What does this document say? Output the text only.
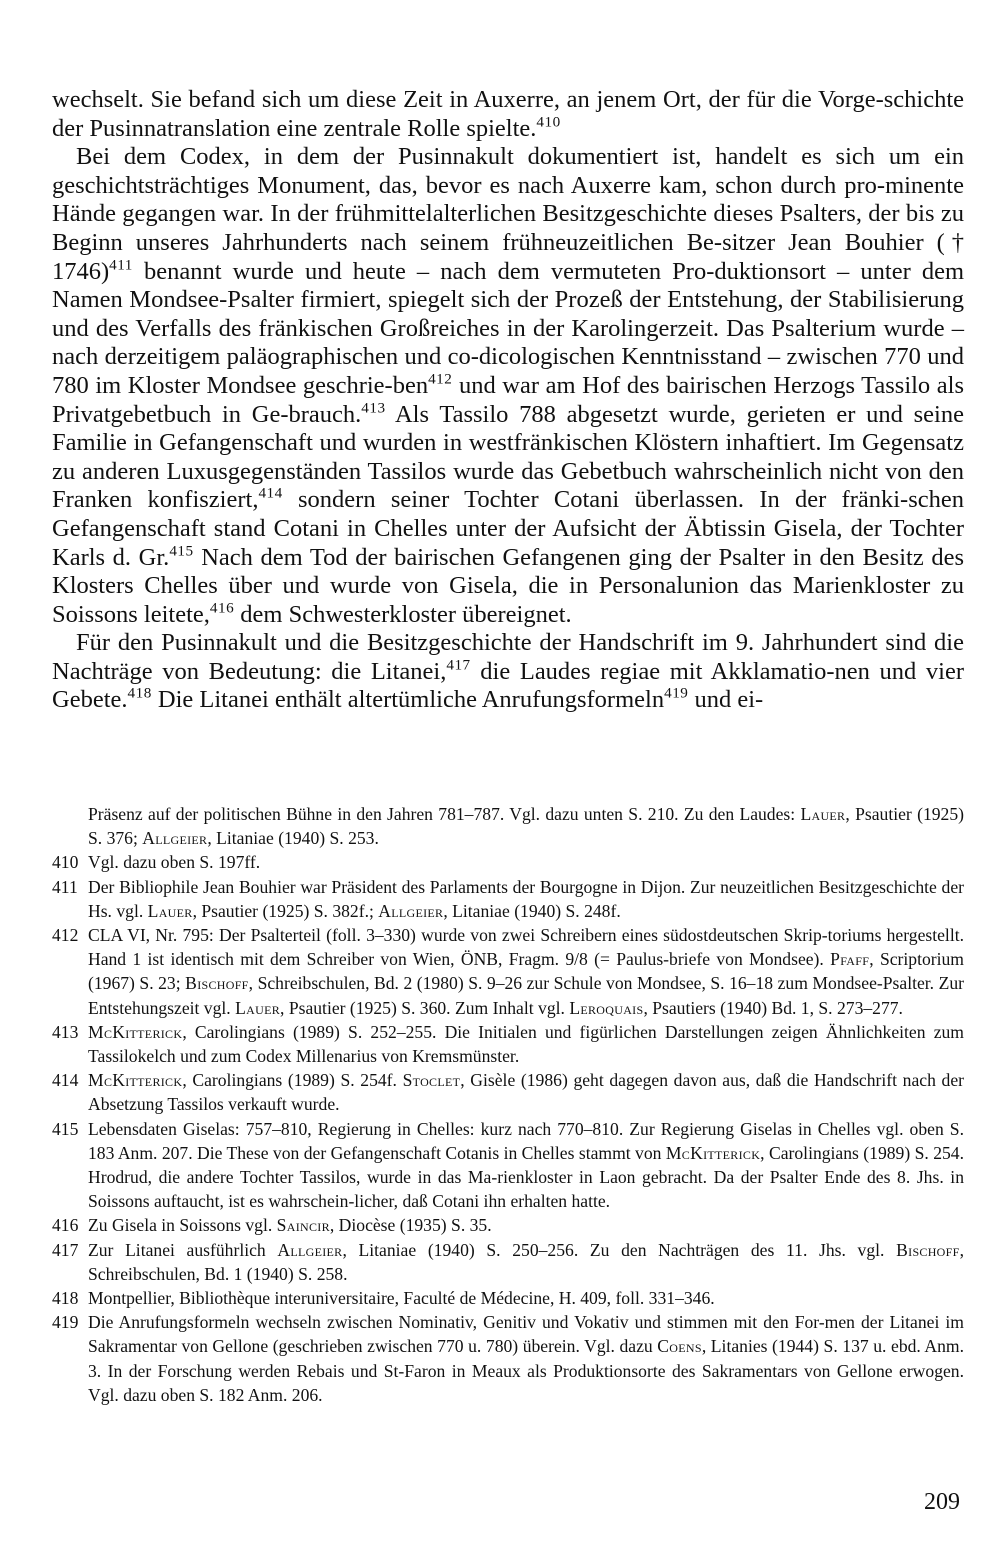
wechselt. Sie befand sich um diese Zeit in Auxerre, an jenem Ort, der für die Vorge-schichte der Pusinnatranslation eine zentrale Rolle spielte.$^{410}$

Bei dem Codex, in dem der Pusinnakult dokumentiert ist, handelt es sich um ein geschichtsträchtiges Monument, das, bevor es nach Auxerre kam, schon durch pro-minente Hände gegangen war. In der frühmittelalterlichen Besitzgeschichte dieses Psalters, der bis zu Beginn unseres Jahrhunderts nach seinem frühneuzeitlichen Be-sitzer Jean Bouhier († 1746)$^{411}$ benannt wurde und heute – nach dem vermuteten Pro-duktionsort – unter dem Namen Mondsee-Psalter firmiert, spiegelt sich der Prozeß der Entstehung, der Stabilisierung und des Verfalls des fränkischen Großreiches in der Karolingerzeit. Das Psalterium wurde – nach derzeitigem paläographischen und co-dicologischen Kenntnisstand – zwischen 770 und 780 im Kloster Mondsee geschrie-ben$^{412}$ und war am Hof des bairischen Herzogs Tassilo als Privatgebetbuch in Ge-brauch.$^{413}$ Als Tassilo 788 abgesetzt wurde, gerieten er und seine Familie in Gefangenschaft und wurden in westfränkischen Klöstern inhaftiert. Im Gegensatz zu anderen Luxusgegenständen Tassilos wurde das Gebetbuch wahrscheinlich nicht von den Franken konfisziert,$^{414}$ sondern seiner Tochter Cotani überlassen. In der fränki-schen Gefangenschaft stand Cotani in Chelles unter der Aufsicht der Äbtissin Gisela, der Tochter Karls d. Gr.$^{415}$ Nach dem Tod der bairischen Gefangenen ging der Psalter in den Besitz des Klosters Chelles über und wurde von Gisela, die in Personalunion das Marienkloster zu Soissons leitete,$^{416}$ dem Schwesterkloster übereignet.

Für den Pusinnakult und die Besitzgeschichte der Handschrift im 9. Jahrhundert sind die Nachträge von Bedeutung: die Litanei,$^{417}$ die Laudes regiae mit Akklamatio-nen und vier Gebete.$^{418}$ Die Litanei enthält altertümliche Anrufungsformeln$^{419}$ und ei-

Präsenz auf der politischen Bühne in den Jahren 781–787. Vgl. dazu unten S. 210. Zu den Laudes: Lauer, Psautier (1925) S. 376; Allgeier, Litaniae (1940) S. 253.

410 Vgl. dazu oben S. 197ff.

411 Der Bibliophile Jean Bouhier war Präsident des Parlaments der Bourgogne in Dijon. Zur neuzeitlichen Besitzgeschichte der Hs. vgl. Lauer, Psautier (1925) S. 382f.; Allgeier, Litaniae (1940) S. 248f.

412 CLA VI, Nr. 795: Der Psalterteil (foll. 3–330) wurde von zwei Schreibern eines südostdeutschen Skrip-toriums hergestellt. Hand 1 ist identisch mit dem Schreiber von Wien, ÖNB, Fragm. 9/8 (= Paulus-briefe von Mondsee). Pfaff, Scriptorium (1967) S. 23; Bischoff, Schreibschulen, Bd. 2 (1980) S. 9–26 zur Schule von Mondsee, S. 16–18 zum Mondsee-Psalter. Zur Entstehungszeit vgl. Lauer, Psautier (1925) S. 360. Zum Inhalt vgl. Leroquais, Psautiers (1940) Bd. 1, S. 273–277.

413 McKitterick, Carolingians (1989) S. 252–255. Die Initialen und figürlichen Darstellungen zeigen Ähnlichkeiten zum Tassilokelch und zum Codex Millenarius von Kremsmünster.

414 McKitterick, Carolingians (1989) S. 254f. Stoclet, Gisèle (1986) geht dagegen davon aus, daß die Handschrift nach der Absetzung Tassilos verkauft wurde.

415 Lebensdaten Giselas: 757–810, Regierung in Chelles: kurz nach 770–810. Zur Regierung Giselas in Chelles vgl. oben S. 183 Anm. 207. Die These von der Gefangenschaft Cotanis in Chelles stammt von McKitterick, Carolingians (1989) S. 254. Hrodrud, die andere Tochter Tassilos, wurde in das Ma-rienkloster in Laon gebracht. Da der Psalter Ende des 8. Jhs. in Soissons auftaucht, ist es wahrschein-licher, daß Cotani ihn erhalten hatte.

416 Zu Gisela in Soissons vgl. Saincir, Diocèse (1935) S. 35.

417 Zur Litanei ausführlich Allgeier, Litaniae (1940) S. 250–256. Zu den Nachträgen des 11. Jhs. vgl. Bischoff, Schreibschulen, Bd. 1 (1940) S. 258.

418 Montpellier, Bibliothèque interuniversitaire, Faculté de Médecine, H. 409, foll. 331–346.

419 Die Anrufungsformeln wechseln zwischen Nominativ, Genitiv und Vokativ und stimmen mit den For-men der Litanei im Sakramentar von Gellone (geschrieben zwischen 770 u. 780) überein. Vgl. dazu Coens, Litanies (1944) S. 137 u. ebd. Anm. 3. In der Forschung werden Rebais und St-Faron in Meaux als Produktionsorte des Sakramentars von Gellone erwogen. Vgl. dazu oben S. 182 Anm. 206.

209
